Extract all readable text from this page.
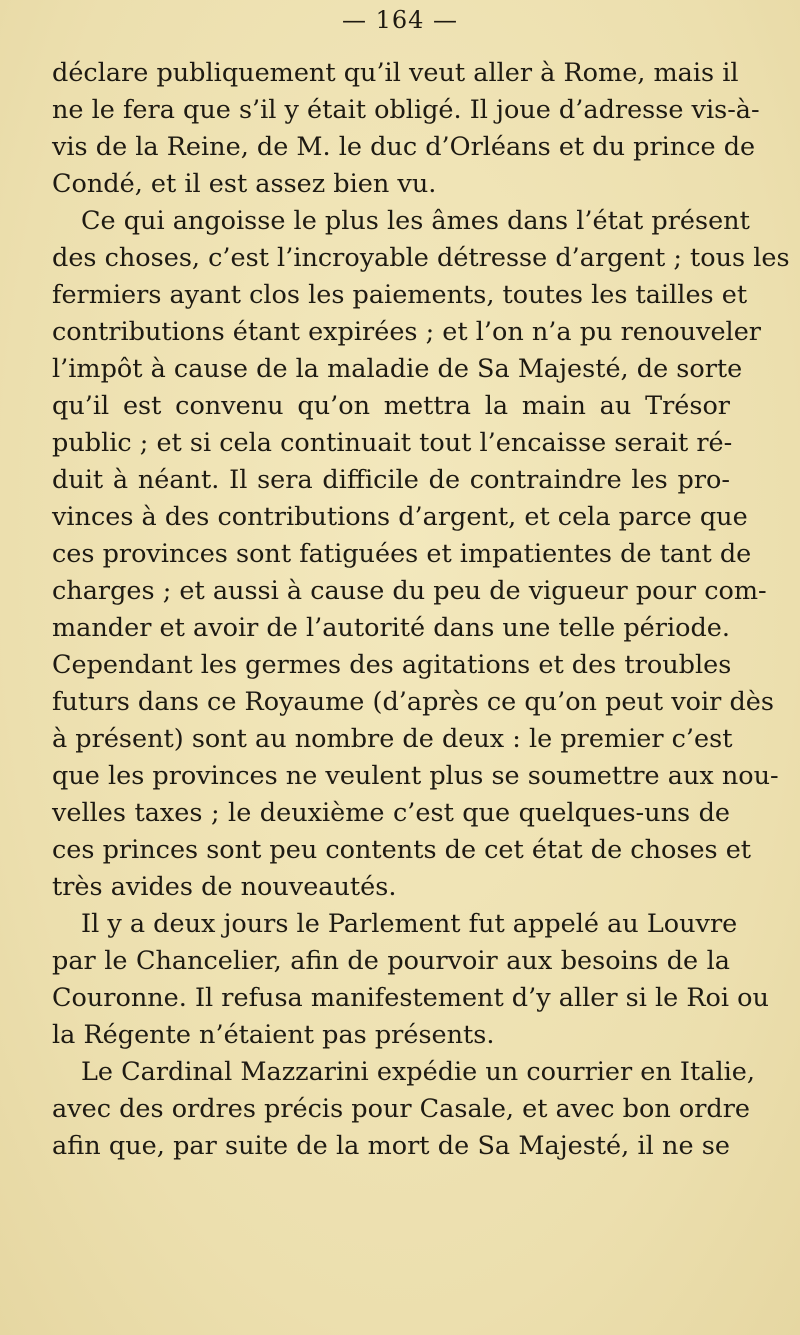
— 164 —
déclare publiquement qu’il veut aller à Rome, mais il
ne le fera que s’il y était obligé. Il joue d’adresse vis-à-
vis de la Reine, de M. le duc d’Orléans et du prince de
Condé, et il est assez bien vu.
Ce qui angoisse le plus les âmes dans l’état présent
des choses, c’est l’incroyable détresse d’argent ; tous les
fermiers ayant clos les paiements, toutes les tailles et
contributions étant expirées ; et l’on n’a pu renouveler
l’impôt à cause de la maladie de Sa Majesté, de sorte
qu’il est convenu qu’on mettra la main au Trésor
public ; et si cela continuait tout l’encaisse serait ré-
duit à néant. Il sera difficile de contraindre les pro-
vinces à des contributions d’argent, et cela parce que
ces provinces sont fatiguées et impatientes de tant de
charges ; et aussi à cause du peu de vigueur pour com-
mander et avoir de l’autorité dans une telle période.
Cependant les germes des agitations et des troubles
futurs dans ce Royaume (d’après ce qu’on peut voir dès
à présent) sont au nombre de deux : le premier c’est
que les provinces ne veulent plus se soumettre aux nou-
velles taxes ; le deuxième c’est que quelques-uns de
ces princes sont peu contents de cet état de choses et
très avides de nouveautés.
Il y a deux jours le Parlement fut appelé au Louvre
par le Chancelier, afin de pourvoir aux besoins de la
Couronne. Il refusa manifestement d’y aller si le Roi ou
la Régente n’étaient pas présents.
Le Cardinal Mazzarini expédie un courrier en Italie,
avec des ordres précis pour Casale, et avec bon ordre
afin que, par suite de la mort de Sa Majesté, il ne se
